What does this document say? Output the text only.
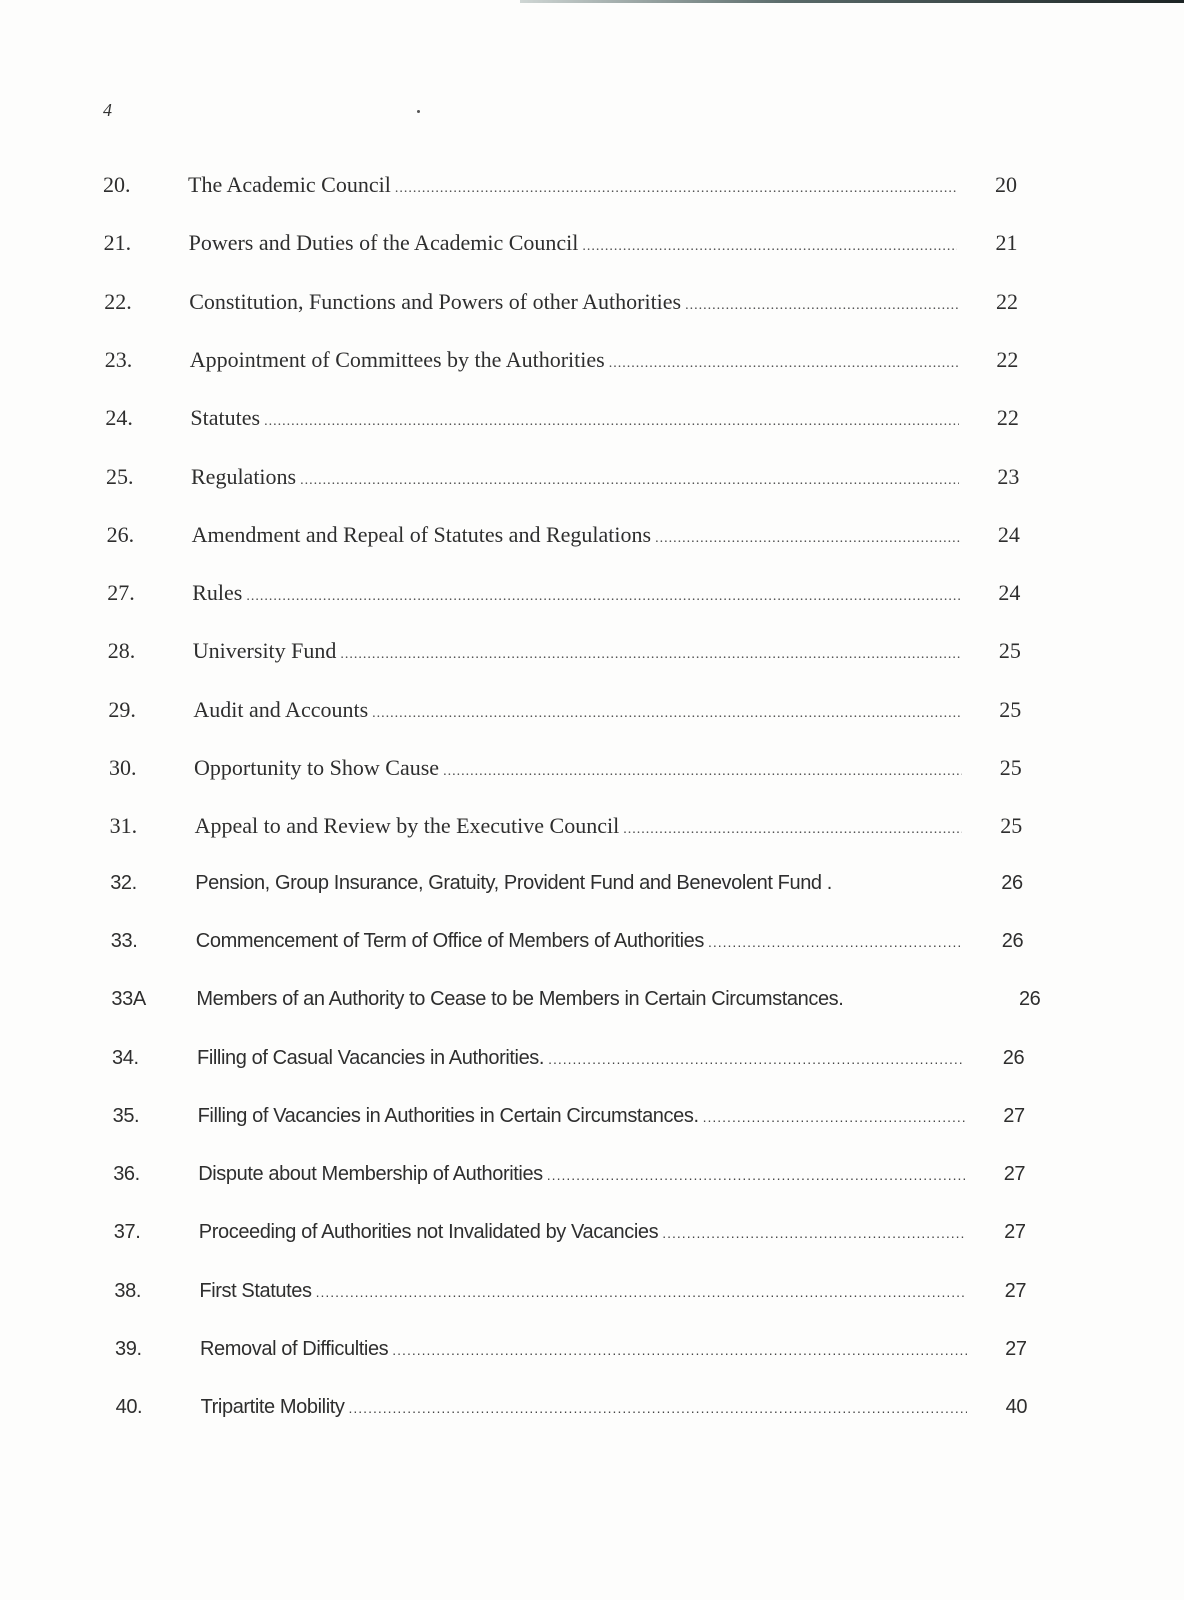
4
20.	The Academic Council .....	20
21.	Powers and Duties of the Academic Council .....	21
22.	Constitution, Functions and Powers of other Authorities .....	22
23.	Appointment of Committees by the Authorities .....	22
24.	Statutes .....	22
25.	Regulations .....	23
26.	Amendment and Repeal of Statutes and Regulations .....	24
27.	Rules .....	24
28.	University Fund .....	25
29.	Audit and Accounts .....	25
30.	Opportunity to Show Cause .....	25
31.	Appeal to and Review by the Executive Council .....	25
32.	Pension, Group Insurance, Gratuity, Provident Fund and Benevolent Fund .	26
33.	Commencement of Term of Office of Members of Authorities .....	26
33A	Members of an Authority to Cease to be Members in Certain Circumstances.	26
34.	Filling of Casual Vacancies in Authorities. .....	26
35.	Filling of Vacancies in Authorities in Certain Circumstances. .....	27
36.	Dispute about Membership of Authorities .....	27
37.	Proceeding of Authorities not Invalidated by Vacancies .....	27
38.	First Statutes .....	27
39.	Removal of Difficulties .....	27
40.	Tripartite Mobility .....	40
